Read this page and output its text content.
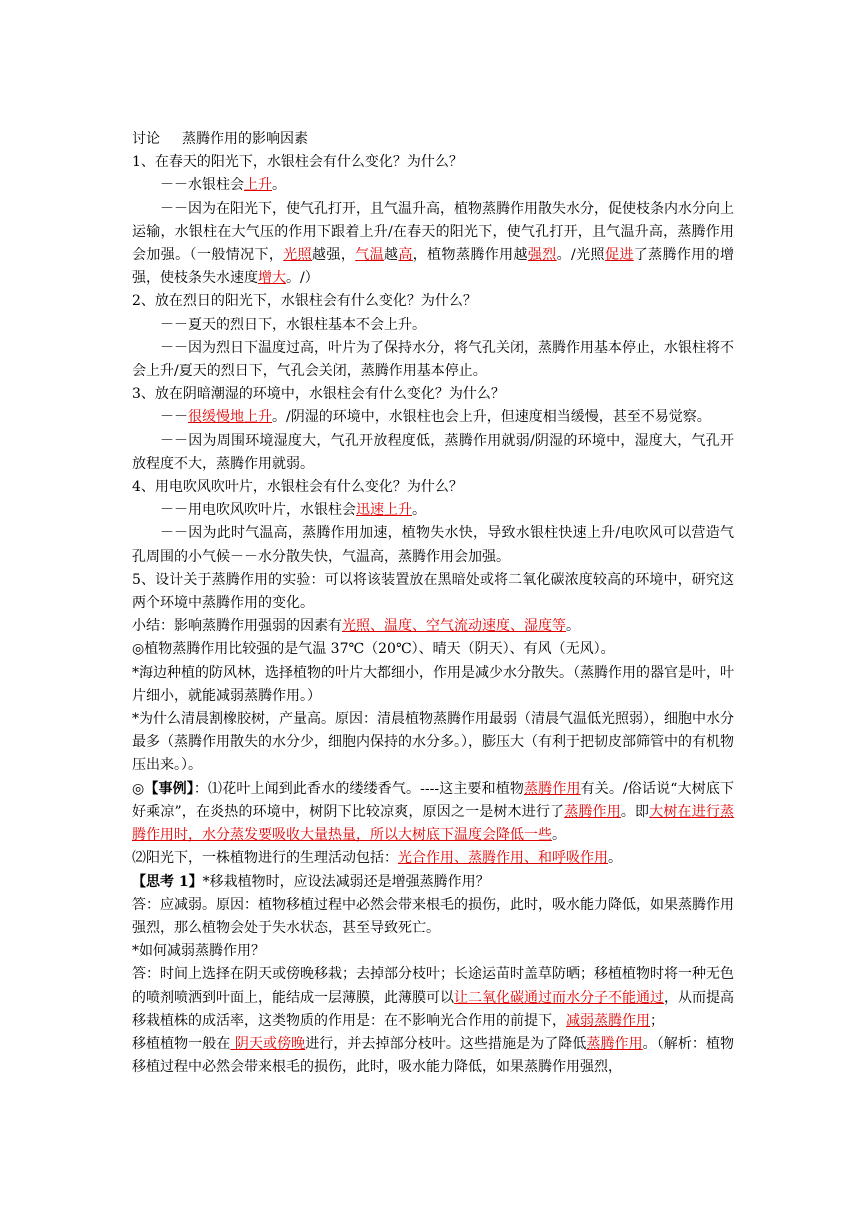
讨论 蒸腾作用的影响因素
1、在春天的阳光下，水银柱会有什么变化？为什么？
－－水银柱会上升。
－－因为在阳光下，使气孔打开，且气温升高，植物蒸腾作用散失水分，促使枝条内水分向上运输，水银柱在大气压的作用下跟着上升/在春天的阳光下，使气孔打开，且气温升高，蒸腾作用会加强。（一般情况下，光照越强，气温越高，植物蒸腾作用越强烈。/光照促进了蒸腾作用的增强，使枝条失水速度增大。/）
2、放在烈日的阳光下，水银柱会有什么变化？为什么？
－－夏天的烈日下，水银柱基本不会上升。
－－因为烈日下温度过高，叶片为了保持水分，将气孔关闭，蒸腾作用基本停止，水银柱将不会上升/夏天的烈日下，气孔会关闭，蒸腾作用基本停止。
3、放在阴暗潮湿的环境中，水银柱会有什么变化？为什么？
－－很缓慢地上升。/阴湿的环境中，水银柱也会上升，但速度相当缓慢，甚至不易觉察。
－－因为周围环境湿度大，气孔开放程度低，蒸腾作用就弱/阴湿的环境中，湿度大，气孔开放程度不大，蒸腾作用就弱。
4、用电吹风吹叶片，水银柱会有什么变化？为什么？
－－用电吹风吹叶片，水银柱会迅速上升。
－－因为此时气温高，蒸腾作用加速，植物失水快，导致水银柱快速上升/电吹风可以营造气孔周围的小气候－－水分散失快，气温高，蒸腾作用会加强。
5、设计关于蒸腾作用的实验：可以将该装置放在黑暗处或将二氧化碳浓度较高的环境中，研究这两个环境中蒸腾作用的变化。
小结：影响蒸腾作用强弱的因素有光照、温度、空气流动速度、湿度等。
◎植物蒸腾作用比较强的是气温 37℃（20℃）、晴天（阴天）、有风（无风）。
*海边种植的防风林，选择植物的叶片大都细小，作用是减少水分散失。（蒸腾作用的器官是叶，叶片细小，就能减弱蒸腾作用。）
*为什么清晨割橡胶树，产量高。原因：清晨植物蒸腾作用最弱（清晨气温低光照弱），细胞中水分最多（蒸腾作用散失的水分少，细胞内保持的水分多。），膨压大（有利于把韧皮部筛管中的有机物压出来。）。
◎【事例】：⑴花叶上闻到此香水的缕缕香气。----这主要和植物蒸腾作用有关。/俗话说“大树底下好乘凉”，在炎热的环境中，树阴下比较凉爽，原因之一是树木进行了蒸腾作用。即大树在进行蒸腾作用时，水分蒸发要吸收大量热量，所以大树底下温度会降低一些。
⑵阳光下，一株植物进行的生理活动包括：光合作用、蒸腾作用、和呼吸作用。
【思考 1】*移栽植物时，应设法减弱还是增强蒸腾作用？
答：应减弱。原因：植物移植过程中必然会带来根毛的损伤，此时，吸水能力降低，如果蒸腾作用强烈，那么植物会处于失水状态，甚至导致死亡。
*如何减弱蒸腾作用？
答：时间上选择在阴天或傍晚移栽；去掉部分枝叶；长途运苗时盖草防晒；移植植物时将一种无色的喷剂喷洒到叶面上，能结成一层薄膜，此薄膜可以让二氧化碳通过而水分子不能通过，从而提高移栽植株的成活率，这类物质的作用是：在不影响光合作用的前提下，减弱蒸腾作用；
移植植物一般在 阴天或傍晚进行，并去掉部分枝叶。这些措施是为了降低蒸腾作用。（解析：植物移植过程中必然会带来根毛的损伤，此时，吸水能力降低，如果蒸腾作用强烈，
